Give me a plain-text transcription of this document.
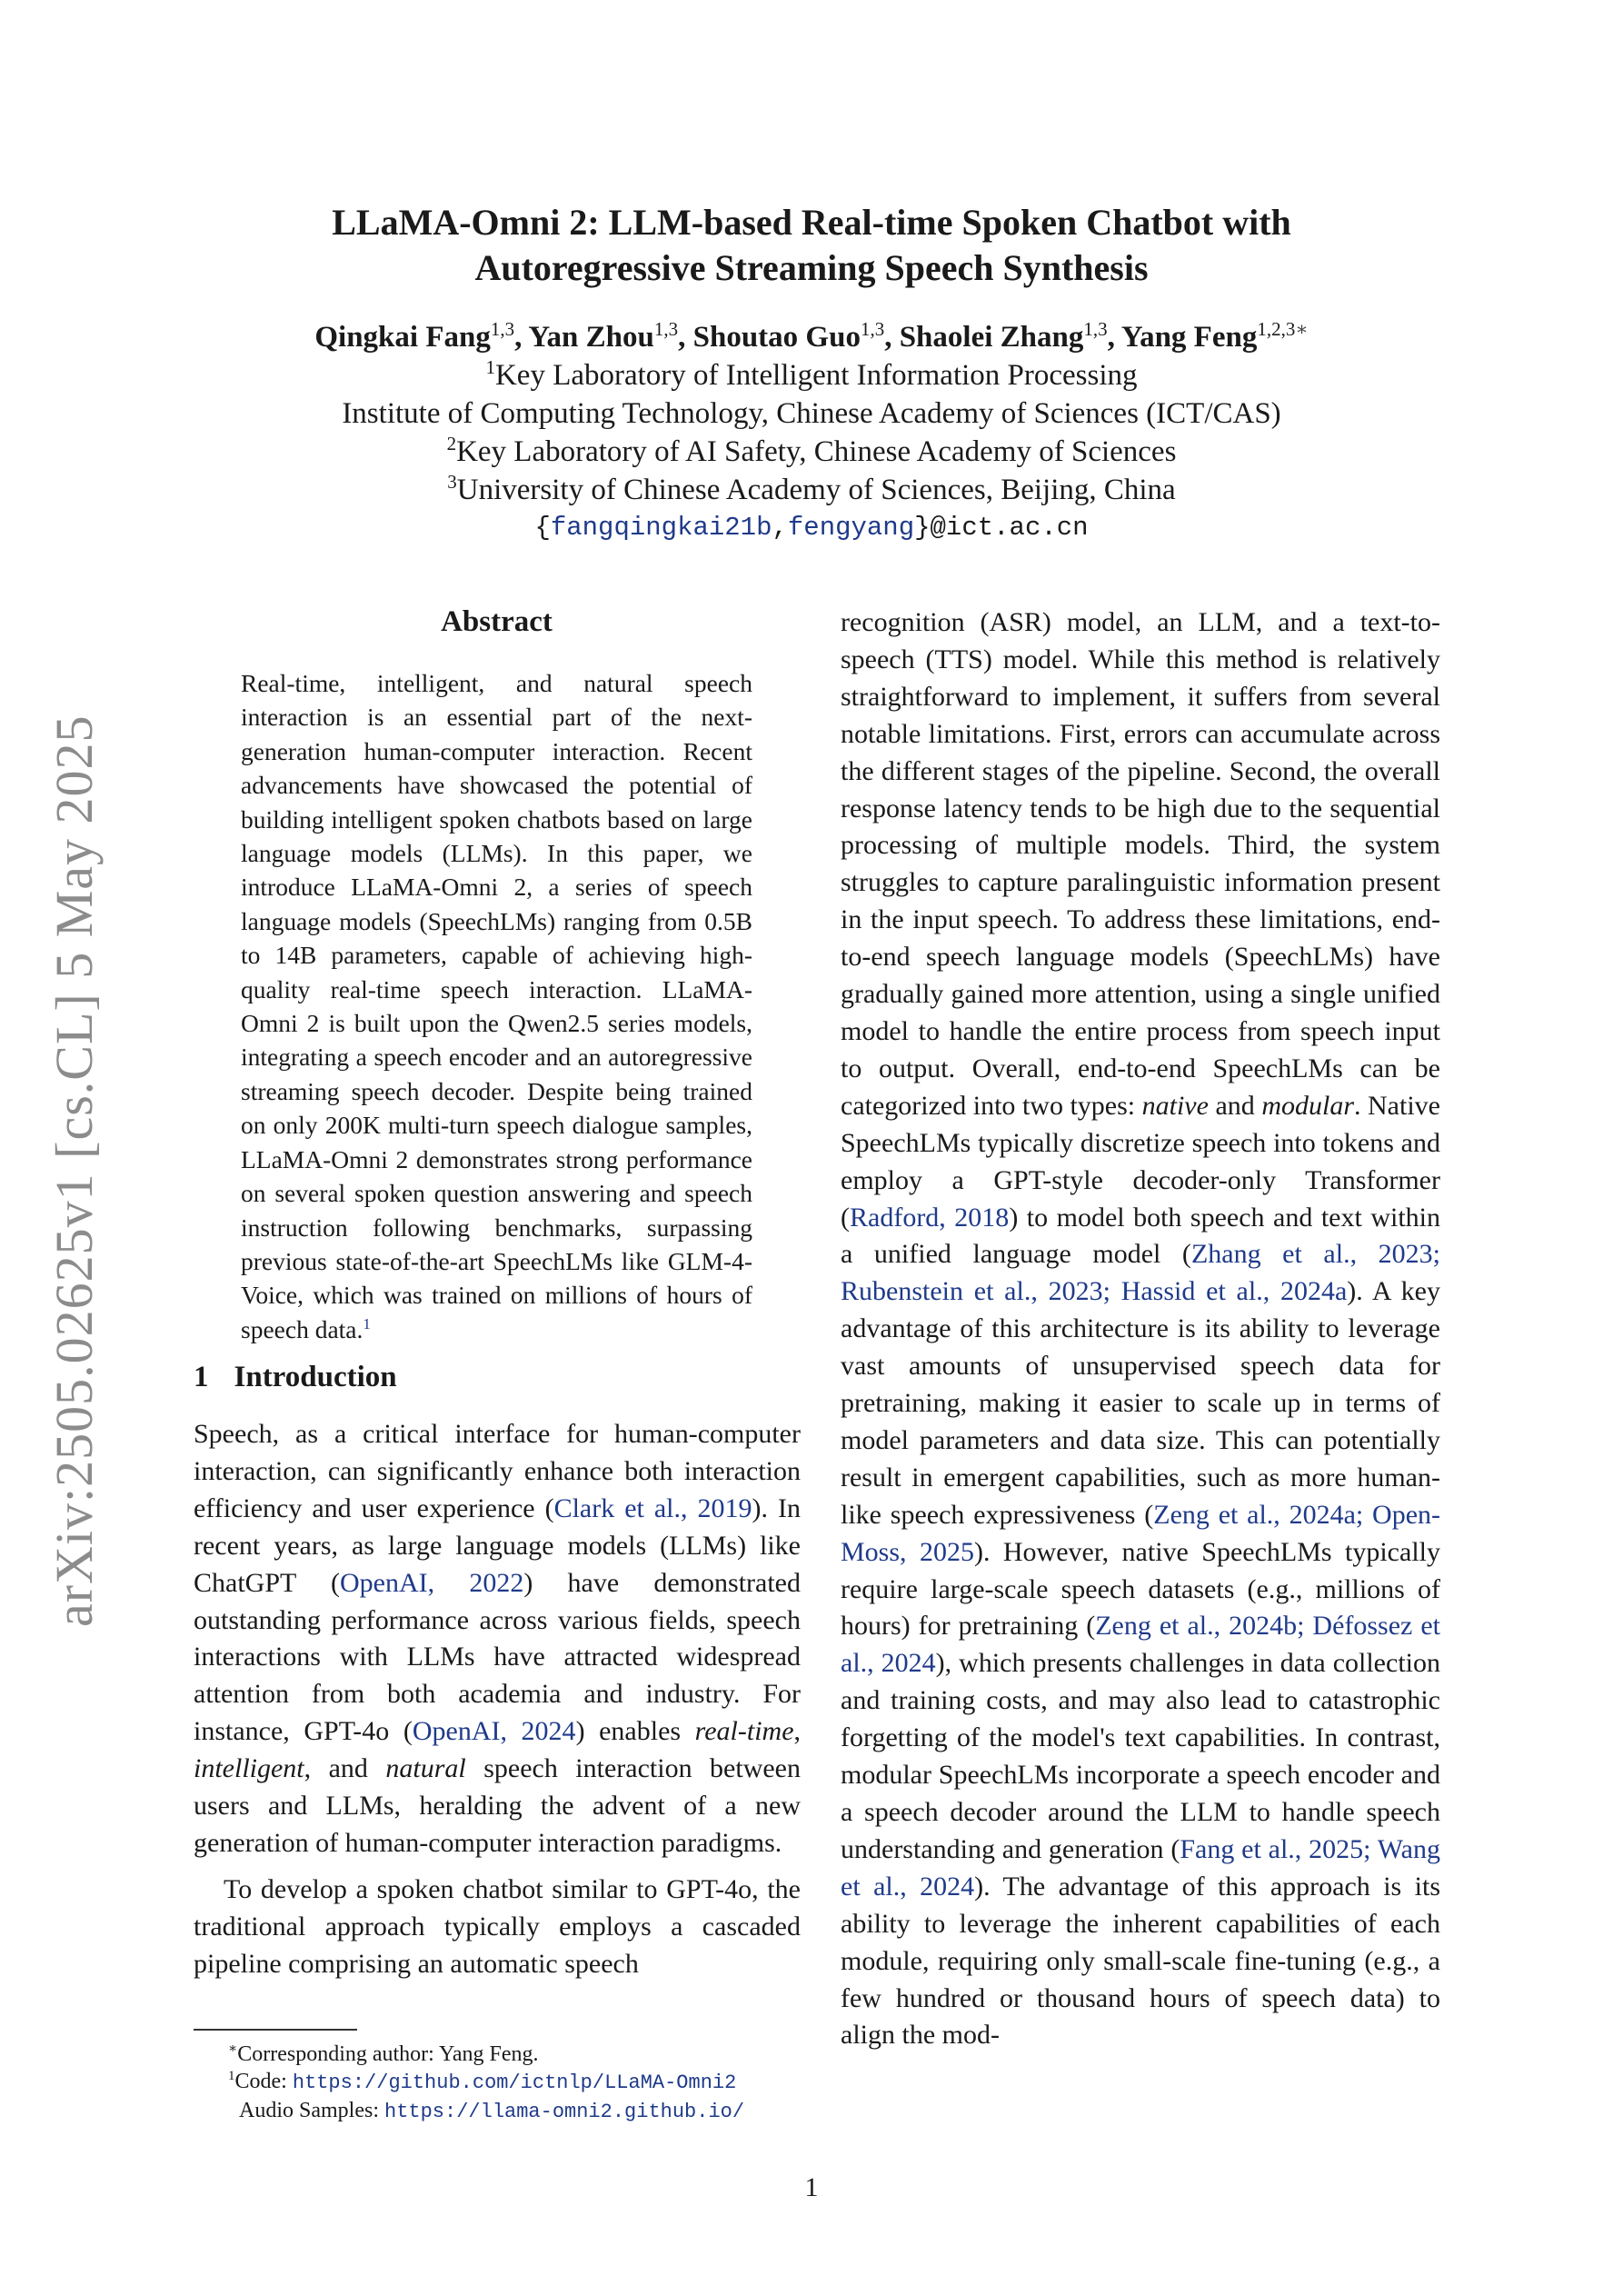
arXiv:2505.02625v1 [cs.CL] 5 May 2025
LLaMA-Omni 2: LLM-based Real-time Spoken Chatbot with
Autoregressive Streaming Speech Synthesis
Qingkai Fang$^{1,3}$, Yan Zhou$^{1,3}$, Shoutao Guo$^{1,3}$, Shaolei Zhang$^{1,3}$, Yang Feng$^{1,2,3∗}$
$^1$Key Laboratory of Intelligent Information Processing
Institute of Computing Technology, Chinese Academy of Sciences (ICT/CAS)
$^2$Key Laboratory of AI Safety, Chinese Academy of Sciences
$^3$University of Chinese Academy of Sciences, Beijing, China
{fangqingkai21b,fengyang}@ict.ac.cn
Abstract
Real-time, intelligent, and natural speech interaction is an essential part of the next-generation human-computer interaction. Recent advancements have showcased the potential of building intelligent spoken chatbots based on large language models (LLMs). In this paper, we introduce LLaMA-Omni 2, a series of speech language models (SpeechLMs) ranging from 0.5B to 14B parameters, capable of achieving high-quality real-time speech interaction. LLaMA-Omni 2 is built upon the Qwen2.5 series models, integrating a speech encoder and an autoregressive streaming speech decoder. Despite being trained on only 200K multi-turn speech dialogue samples, LLaMA-Omni 2 demonstrates strong performance on several spoken question answering and speech instruction following benchmarks, surpassing previous state-of-the-art SpeechLMs like GLM-4-Voice, which was trained on millions of hours of speech data.$^1$
1 Introduction
Speech, as a critical interface for human-computer interaction, can significantly enhance both interaction efficiency and user experience (Clark et al., 2019). In recent years, as large language models (LLMs) like ChatGPT (OpenAI, 2022) have demonstrated outstanding performance across various fields, speech interactions with LLMs have attracted widespread attention from both academia and industry. For instance, GPT-4o (OpenAI, 2024) enables real-time, intelligent, and natural speech interaction between users and LLMs, heralding the advent of a new generation of human-computer interaction paradigms.
To develop a spoken chatbot similar to GPT-4o, the traditional approach typically employs a cascaded pipeline comprising an automatic speech
recognition (ASR) model, an LLM, and a text-to-speech (TTS) model. While this method is relatively straightforward to implement, it suffers from several notable limitations. First, errors can accumulate across the different stages of the pipeline. Second, the overall response latency tends to be high due to the sequential processing of multiple models. Third, the system struggles to capture paralinguistic information present in the input speech. To address these limitations, end-to-end speech language models (SpeechLMs) have gradually gained more attention, using a single unified model to handle the entire process from speech input to output. Overall, end-to-end SpeechLMs can be categorized into two types: native and modular. Native SpeechLMs typically discretize speech into tokens and employ a GPT-style decoder-only Transformer (Radford, 2018) to model both speech and text within a unified language model (Zhang et al., 2023; Rubenstein et al., 2023; Hassid et al., 2024a). A key advantage of this architecture is its ability to leverage vast amounts of unsupervised speech data for pretraining, making it easier to scale up in terms of model parameters and data size. This can potentially result in emergent capabilities, such as more human-like speech expressiveness (Zeng et al., 2024a; Open-Moss, 2025). However, native SpeechLMs typically require large-scale speech datasets (e.g., millions of hours) for pretraining (Zeng et al., 2024b; Défossez et al., 2024), which presents challenges in data collection and training costs, and may also lead to catastrophic forgetting of the model's text capabilities. In contrast, modular SpeechLMs incorporate a speech encoder and a speech decoder around the LLM to handle speech understanding and generation (Fang et al., 2025; Wang et al., 2024). The advantage of this approach is its ability to leverage the inherent capabilities of each module, requiring only small-scale fine-tuning (e.g., a few hundred or thousand hours of speech data) to align the mod-
∗Corresponding author: Yang Feng.
$^1$Code: https://github.com/ictnlp/LLaMA-Omni2
Audio Samples: https://llama-omni2.github.io/
1
